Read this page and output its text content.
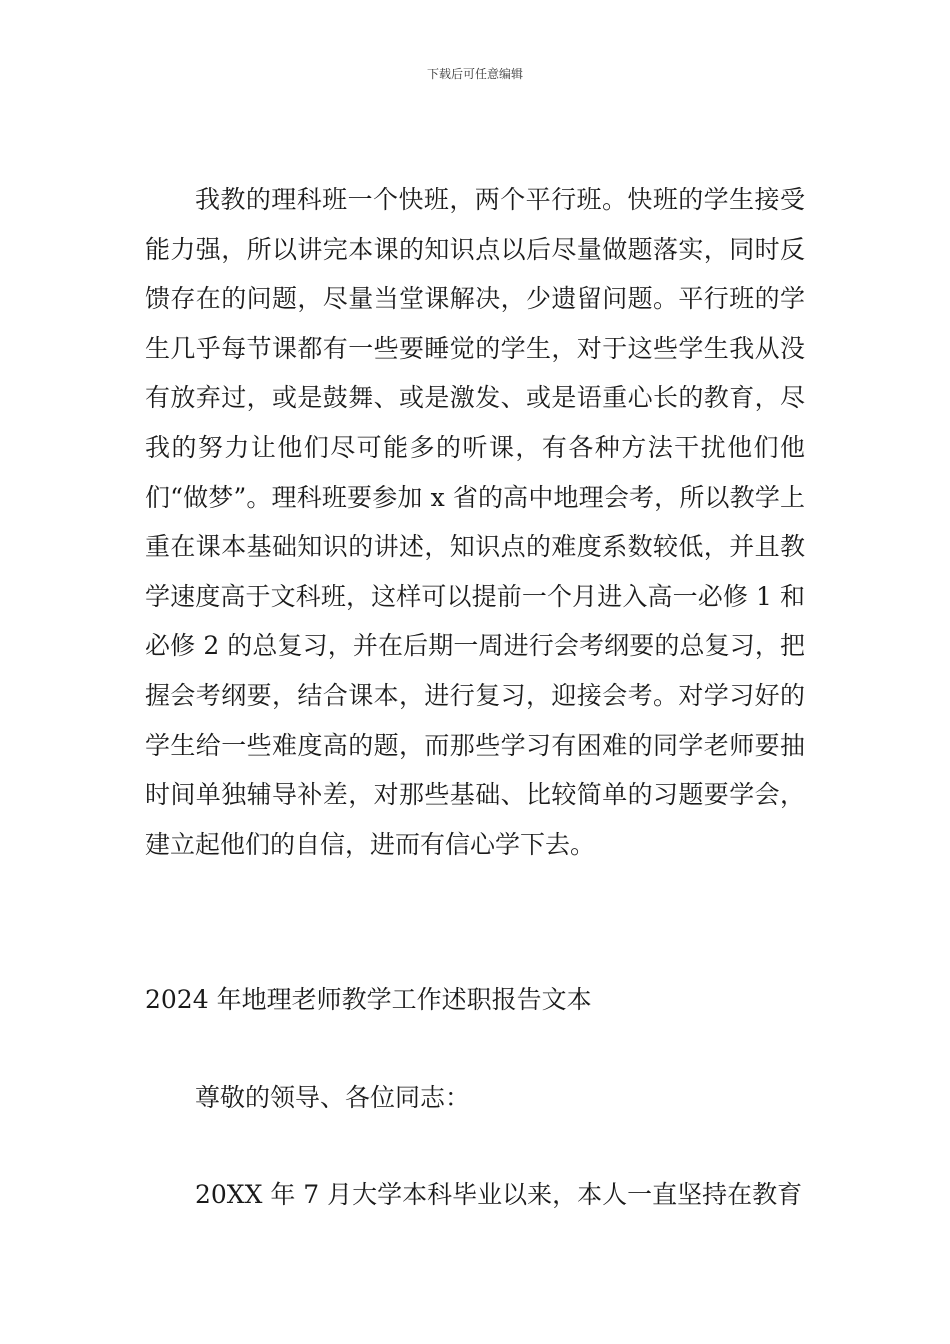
下载后可任意编辑

我教的理科班一个快班，两个平行班。快班的学生接受能力强，所以讲完本课的知识点以后尽量做题落实，同时反馈存在的问题，尽量当堂课解决，少遗留问题。平行班的学生几乎每节课都有一些要睡觉的学生，对于这些学生我从没有放弃过，或是鼓舞、或是激发、或是语重心长的教育，尽我的努力让他们尽可能多的听课，有各种方法干扰他们他们“做梦”。理科班要参加 x 省的高中地理会考，所以教学上重在课本基础知识的讲述，知识点的难度系数较低，并且教学速度高于文科班，这样可以提前一个月进入高一必修 1 和必修 2 的总复习，并在后期一周进行会考纲要的总复习，把握会考纲要，结合课本，进行复习，迎接会考。对学习好的学生给一些难度高的题，而那些学习有困难的同学老师要抽时间单独辅导补差，对那些基础、比较简单的习题要学会，建立起他们的自信，进而有信心学下去。

2024 年地理老师教学工作述职报告文本

尊敬的领导、各位同志：

20XX 年 7 月大学本科毕业以来，本人一直坚持在教育
